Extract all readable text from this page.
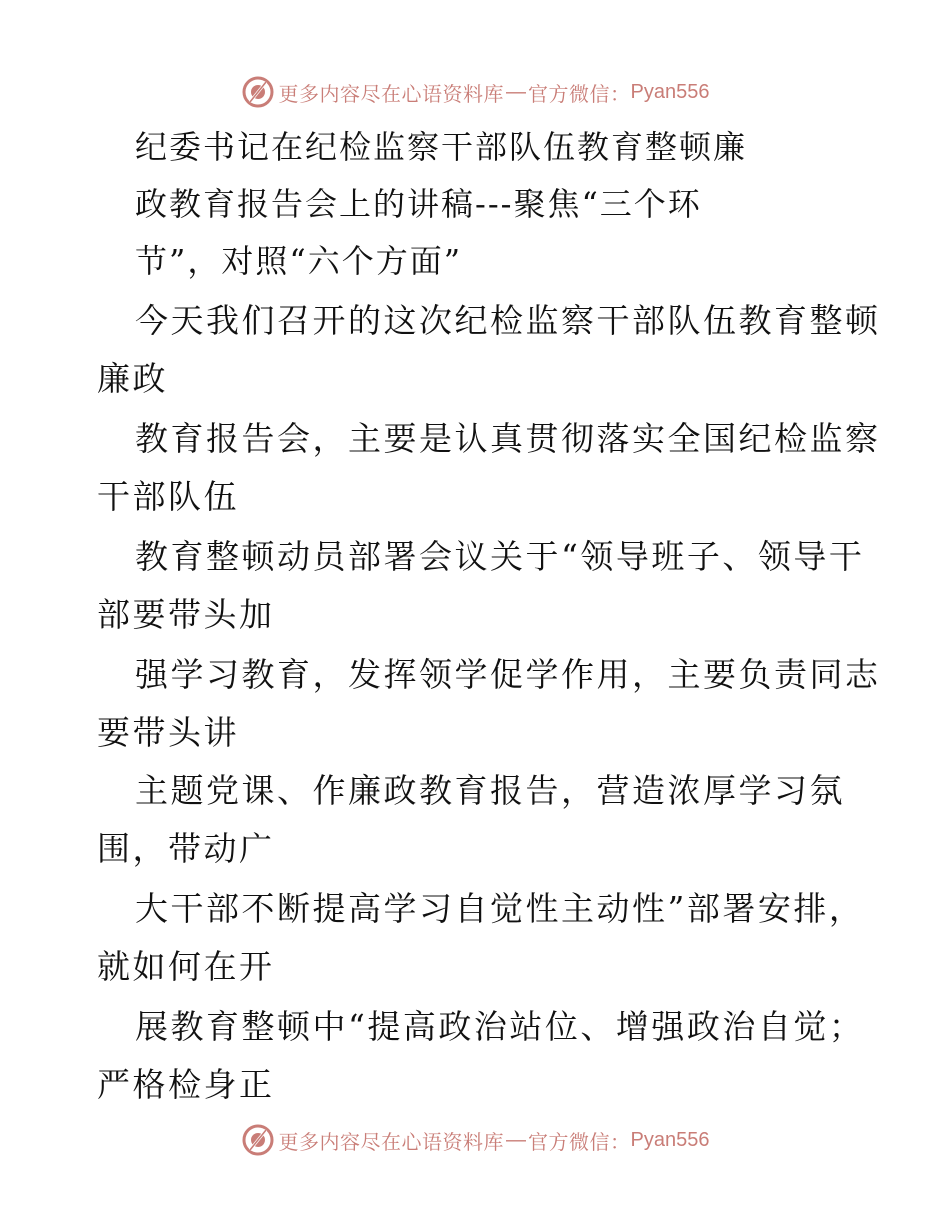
更多内容尽在心语资料库 — 官方微信： Pyan556
纪委书记在纪检监察干部队伍教育整顿廉
政教育报告会上的讲稿---聚焦“三个环
节”，对照“六个方面”
今天我们召开的这次纪检监察干部队伍教育整顿
廉政
教育报告会，主要是认真贯彻落实全国纪检监察
干部队伍
教育整顿动员部署会议关于“领导班子、领导干
部要带头加
强学习教育，发挥领学促学作用，主要负责同志
要带头讲
主题党课、作廉政教育报告，营造浓厚学习氛
围，带动广
大干部不断提高学习自觉性主动性”部署安排，
就如何在开
展教育整顿中“提高政治站位、增强政治自觉；
严格检身正
更多内容尽在心语资料库 — 官方微信： Pyan556
